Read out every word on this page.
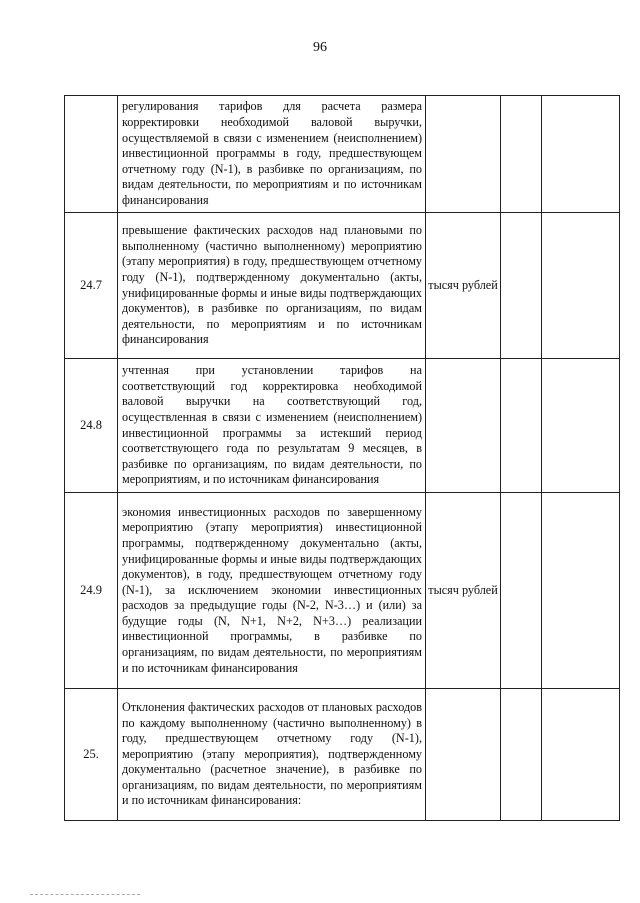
96
	регулирования тарифов для расчета размера корректировки необходимой валовой выручки, осуществляемой в связи с изменением (неисполнением) инвестиционной программы в году, предшествующем отчетному году (N-1), в разбивке по организациям, по видам деятельности, по мероприятиям и по источникам финансирования			
24.7	превышение фактических расходов над плановыми по выполненному (частично выполненному) мероприятию (этапу мероприятия) в году, предшествующем отчетному году (N-1), подтвержденному документально (акты, унифицированные формы и иные виды подтверждающих документов), в разбивке по организациям, по видам деятельности, по мероприятиям и по источникам финансирования	тысяч рублей		
24.8	учтенная при установлении тарифов на соответствующий год корректировка необходимой валовой выручки на соответствующий год, осуществленная в связи с изменением (неисполнением) инвестиционной программы за истекший период соответствующего года по результатам 9 месяцев, в разбивке по организациям, по видам деятельности, по мероприятиям, и по источникам финансирования			
24.9	экономия инвестиционных расходов по завершенному мероприятию (этапу мероприятия) инвестиционной программы, подтвержденному документально (акты, унифицированные формы и иные виды подтверждающих документов), в году, предшествующем отчетному году (N-1), за исключением экономии инвестиционных расходов за предыдущие годы (N-2, N-3…) и (или) за будущие годы (N, N+1, N+2, N+3…) реализации инвестиционной программы, в разбивке по организациям, по видам деятельности, по мероприятиям и по источникам финансирования	тысяч рублей		
25.	Отклонения фактических расходов от плановых расходов по каждому выполненному (частично выполненному) в году, предшествующем отчетному году (N-1), мероприятию (этапу мероприятия), подтвержденному документально (расчетное значение), в разбивке по организациям, по видам деятельности, по мероприятиям и по источникам финансирования:			
